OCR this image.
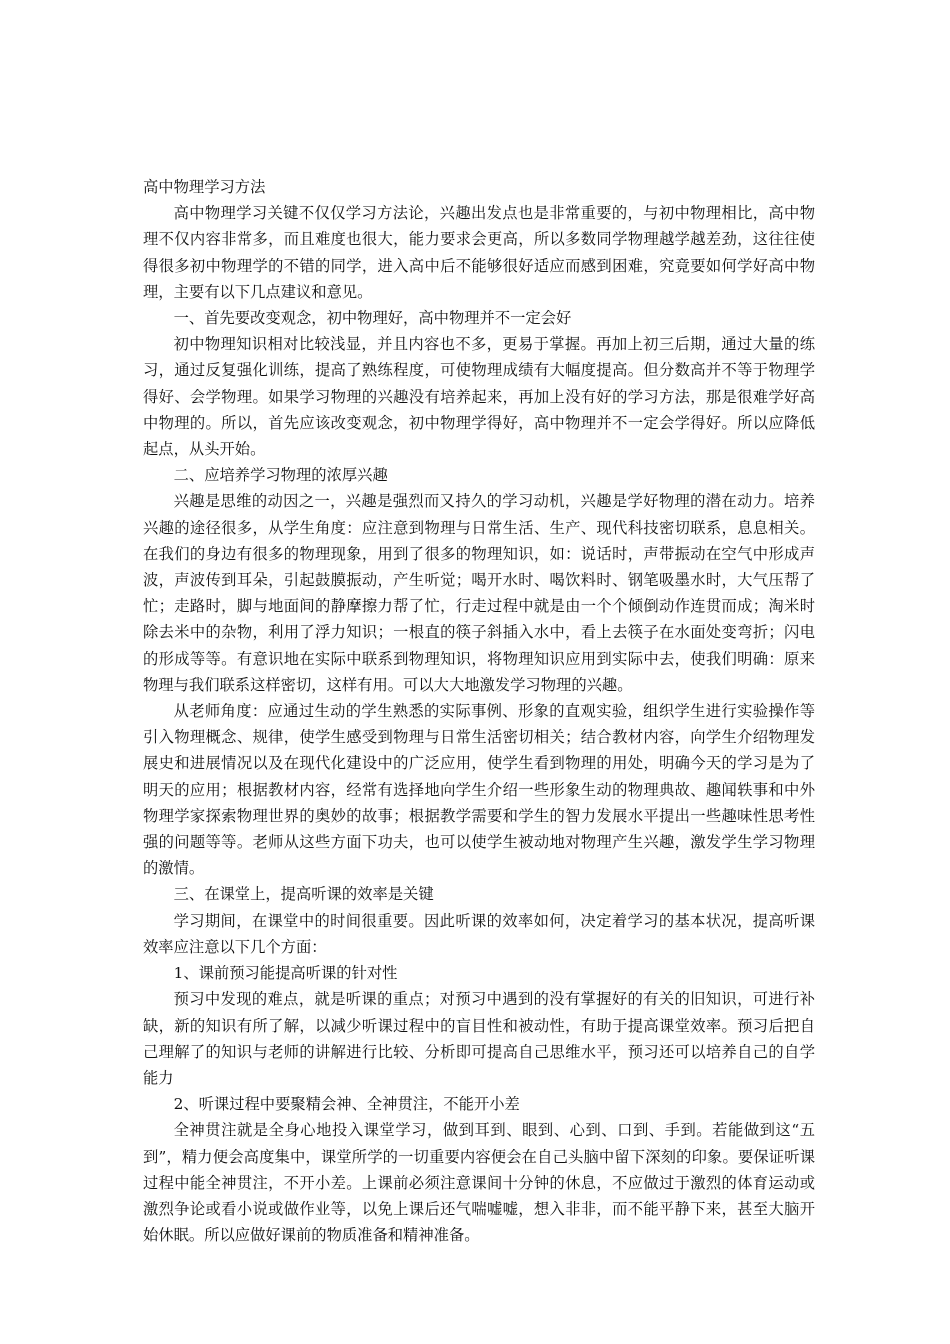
高中物理学习方法

高中物理学习关键不仅仅学习方法论，兴趣出发点也是非常重要的，与初中物理相比，高中物理不仅内容非常多，而且难度也很大，能力要求会更高，所以多数同学物理越学越差劲，这往往使得很多初中物理学的不错的同学，进入高中后不能够很好适应而感到困难，究竟要如何学好高中物理，主要有以下几点建议和意见。

一、首先要改变观念，初中物理好，高中物理并不一定会好

初中物理知识相对比较浅显，并且内容也不多，更易于掌握。再加上初三后期，通过大量的练习，通过反复强化训练，提高了熟练程度，可使物理成绩有大幅度提高。但分数高并不等于物理学得好、会学物理。如果学习物理的兴趣没有培养起来，再加上没有好的学习方法，那是很难学好高中物理的。所以，首先应该改变观念，初中物理学得好，高中物理并不一定会学得好。所以应降低起点，从头开始。

二、应培养学习物理的浓厚兴趣

兴趣是思维的动因之一，兴趣是强烈而又持久的学习动机，兴趣是学好物理的潜在动力。培养兴趣的途径很多，从学生角度：应注意到物理与日常生活、生产、现代科技密切联系，息息相关。在我们的身边有很多的物理现象，用到了很多的物理知识，如：说话时，声带振动在空气中形成声波，声波传到耳朵，引起鼓膜振动，产生听觉；喝开水时、喝饮料时、钢笔吸墨水时，大气压帮了忙；走路时，脚与地面间的静摩擦力帮了忙，行走过程中就是由一个个倾倒动作连贯而成；淘米时除去米中的杂物，利用了浮力知识；一根直的筷子斜插入水中，看上去筷子在水面处变弯折；闪电的形成等等。有意识地在实际中联系到物理知识，将物理知识应用到实际中去，使我们明确：原来物理与我们联系这样密切，这样有用。可以大大地激发学习物理的兴趣。

从老师角度：应通过生动的学生熟悉的实际事例、形象的直观实验，组织学生进行实验操作等引入物理概念、规律，使学生感受到物理与日常生活密切相关；结合教材内容，向学生介绍物理发展史和进展情况以及在现代化建设中的广泛应用，使学生看到物理的用处，明确今天的学习是为了明天的应用；根据教材内容，经常有选择地向学生介绍一些形象生动的物理典故、趣闻轶事和中外物理学家探索物理世界的奥妙的故事；根据教学需要和学生的智力发展水平提出一些趣味性思考性强的问题等等。老师从这些方面下功夫，也可以使学生被动地对物理产生兴趣，激发学生学习物理的激情。

三、在课堂上，提高听课的效率是关键

学习期间，在课堂中的时间很重要。因此听课的效率如何，决定着学习的基本状况，提高听课效率应注意以下几个方面：

1、课前预习能提高听课的针对性

预习中发现的难点，就是听课的重点；对预习中遇到的没有掌握好的有关的旧知识，可进行补缺，新的知识有所了解，以减少听课过程中的盲目性和被动性，有助于提高课堂效率。预习后把自己理解了的知识与老师的讲解进行比较、分析即可提高自己思维水平，预习还可以培养自己的自学能力

2、听课过程中要聚精会神、全神贯注，不能开小差

全神贯注就是全身心地投入课堂学习，做到耳到、眼到、心到、口到、手到。若能做到这“五到”，精力便会高度集中，课堂所学的一切重要内容便会在自己头脑中留下深刻的印象。要保证听课过程中能全神贯注，不开小差。上课前必须注意课间十分钟的休息，不应做过于激烈的体育运动或激烈争论或看小说或做作业等，以免上课后还气喘嘘嘘，想入非非，而不能平静下来，甚至大脑开始休眠。所以应做好课前的物质准备和精神准备。
